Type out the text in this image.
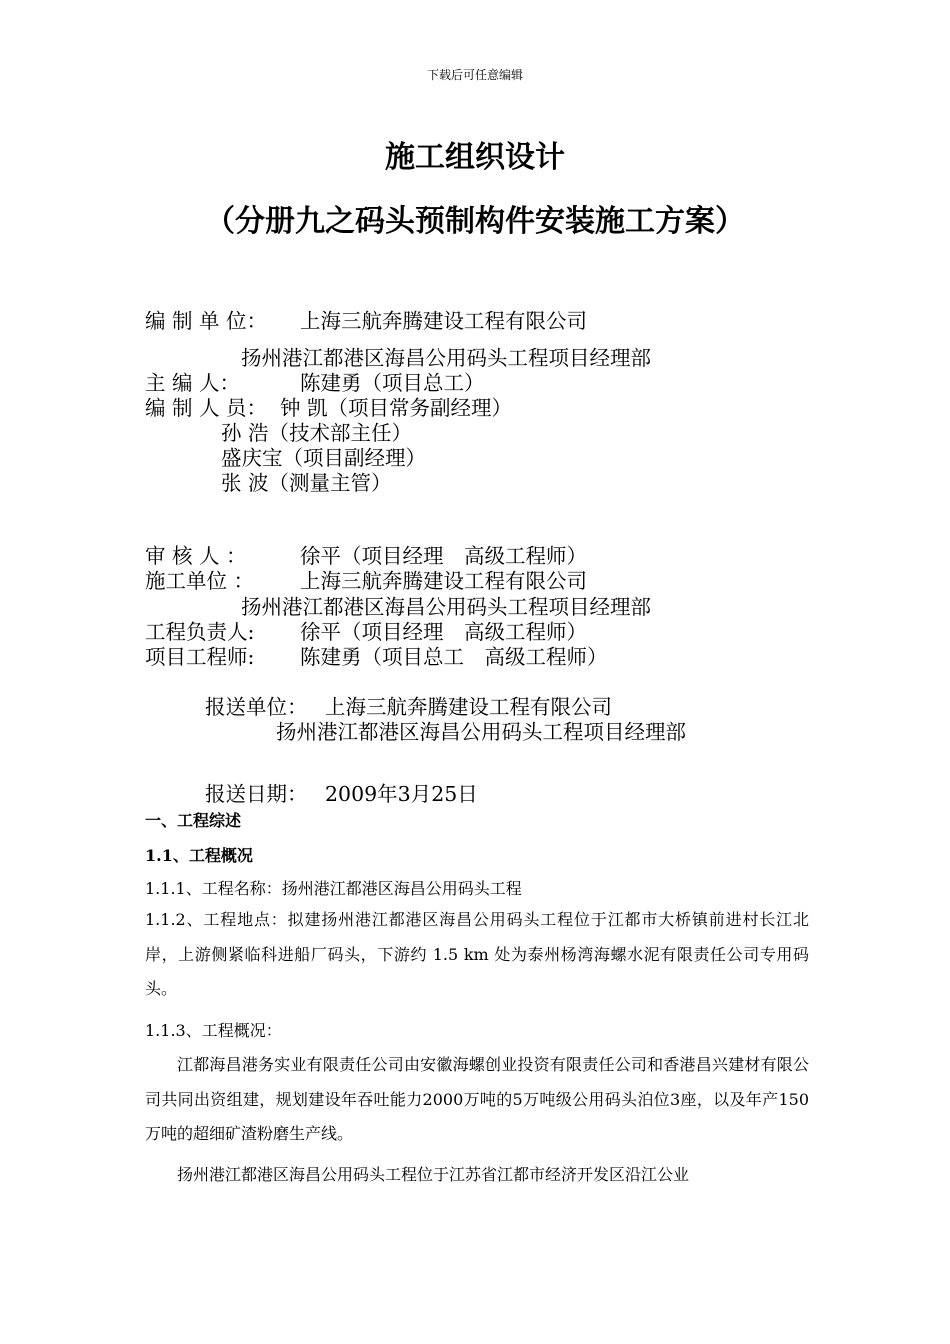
下载后可任意编辑
施工组织设计
（分册九之码头预制构件安装施工方案）
编 制 单 位： 上海三航奔腾建设工程有限公司
扬州港江都港区海昌公用码头工程项目经理部
主 编 人：	陈建勇（项目总工）
编 制 人 员： 钟 凯（项目常务副经理）
孙 浩（技术部主任）
盛庆宝（项目副经理）
张 波（测量主管）
审 核 人 ：	徐平（项目经理　高级工程师）
施工单位 ： 上海三航奔腾建设工程有限公司
扬州港江都港区海昌公用码头工程项目经理部
工程负责人: 徐平（项目经理　高级工程师）
项目工程师: 陈建勇（项目总工　高级工程师）
报送单位： 上海三航奔腾建设工程有限公司
扬州港江都港区海昌公用码头工程项目经理部
报送日期： 2009年3月25日
一、工程综述
1.1、工程概况
1.1.1、工程名称：扬州港江都港区海昌公用码头工程
1.1.2、工程地点：拟建扬州港江都港区海昌公用码头工程位于江都市大桥镇前进村长江北岸，上游侧紧临科进船厂码头，下游约 1.5 km 处为泰州杨湾海螺水泥有限责任公司专用码头。
1.1.3、工程概况：
江都海昌港务实业有限责任公司由安徽海螺创业投资有限责任公司和香港昌兴建材有限公司共同出资组建，规划建设年吞吐能力2000万吨的5万吨级公用码头泊位3座，以及年产150万吨的超细矿渣粉磨生产线。
扬州港江都港区海昌公用码头工程位于江苏省江都市经济开发区沿江公业
